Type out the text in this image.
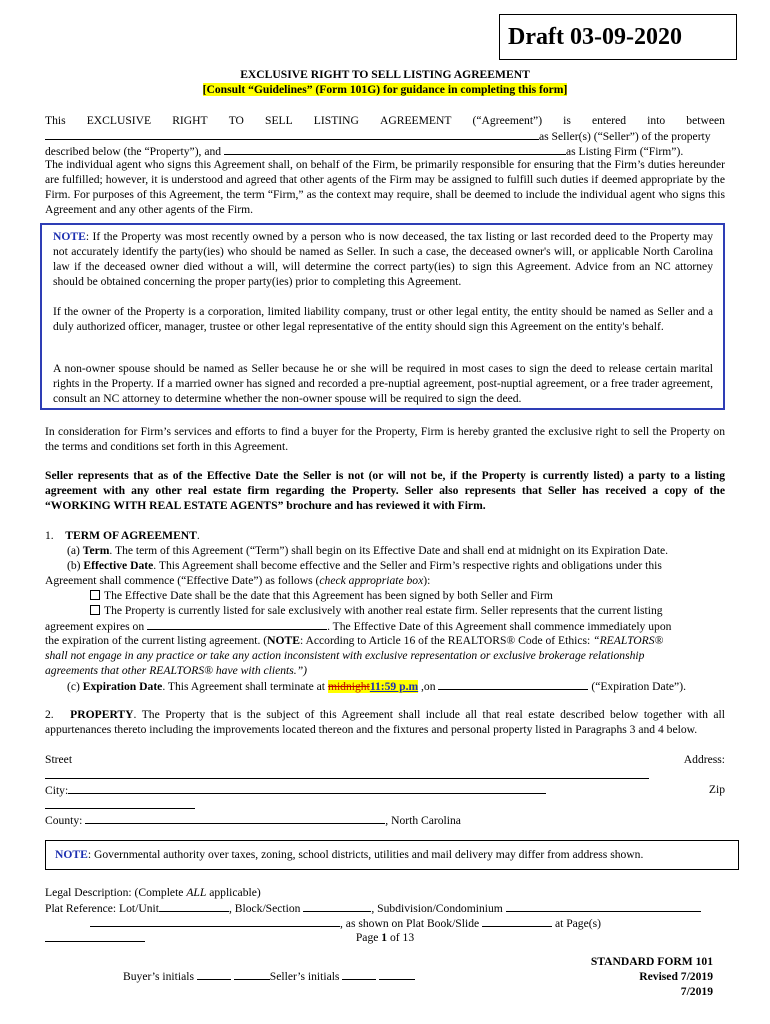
Draft 03-09-2020
EXCLUSIVE RIGHT TO SELL LISTING AGREEMENT
[Consult “Guidelines” (Form 101G) for guidance in completing this form]
This EXCLUSIVE RIGHT TO SELL LISTING AGREEMENT (“Agreement”) is entered into between
as Seller(s) (“Seller”) of the property
described below (the “Property”), and	as Listing Firm (“Firm”).
The individual agent who signs this Agreement shall, on behalf of the Firm, be primarily responsible for ensuring that the Firm’s duties hereunder are fulfilled; however, it is understood and agreed that other agents of the Firm may be assigned to fulfill such duties if deemed appropriate by the Firm. For purposes of this Agreement, the term “Firm,” as the context may require, shall be deemed to include the individual agent who signs this Agreement and any other agents of the Firm.
NOTE: If the Property was most recently owned by a person who is now deceased, the tax listing or last recorded deed to the Property may not accurately identify the party(ies) who should be named as Seller. In such a case, the deceased owner's will, or applicable North Carolina law if the deceased owner died without a will, will determine the correct party(ies) to sign this Agreement. Advice from an NC attorney should be obtained concerning the proper party(ies) prior to completing this Agreement.
If the owner of the Property is a corporation, limited liability company, trust or other legal entity, the entity should be named as Seller and a duly authorized officer, manager, trustee or other legal representative of the entity should sign this Agreement on the entity's behalf.
A non-owner spouse should be named as Seller because he or she will be required in most cases to sign the deed to release certain marital rights in the Property. If a married owner has signed and recorded a pre-nuptial agreement, post-nuptial agreement, or a free trader agreement, consult an NC attorney to determine whether the non-owner spouse will be required to sign the deed.
In consideration for Firm’s services and efforts to find a buyer for the Property, Firm is hereby granted the exclusive right to sell the Property on the terms and conditions set forth in this Agreement.
Seller represents that as of the Effective Date the Seller is not (or will not be, if the Property is currently listed) a party to a listing agreement with any other real estate firm regarding the Property. Seller also represents that Seller has received a copy of the “WORKING WITH REAL ESTATE AGENTS” brochure and has reviewed it with Firm.
1. TERM OF AGREEMENT.
(a) Term. The term of this Agreement (“Term”) shall begin on its Effective Date and shall end at midnight on its Expiration Date.
(b) Effective Date. This Agreement shall become effective and the Seller and Firm’s respective rights and obligations under this
Agreement shall commence (“Effective Date”) as follows (check appropriate box):
The Effective Date shall be the date that this Agreement has been signed by both Seller and Firm
The Property is currently listed for sale exclusively with another real estate firm. Seller represents that the current listing
agreement expires on	. The Effective Date of this Agreement shall commence immediately upon
the expiration of the current listing agreement. (NOTE: According to Article 16 of the REALTORS® Code of Ethics: “REALTORS®
shall not engage in any practice or take any action inconsistent with exclusive representation or exclusive brokerage relationship
agreements that other REALTORS® have with clients.”)
(c) Expiration Date. This Agreement shall terminate at midnight11:59 p.m ,on	(“Expiration Date”).
2. PROPERTY. The Property that is the subject of this Agreement shall include all that real estate described below together with all appurtenances thereto including the improvements located thereon and the fixtures and personal property listed in Paragraphs 3 and 4 below.
Street	Address:
City:	Zip
County:	, North Carolina
NOTE: Governmental authority over taxes, zoning, school districts, utilities and mail delivery may differ from address shown.
Legal Description: (Complete ALL applicable)
Plat Reference: Lot/Unit	, Block/Section	, Subdivision/Condominium
, as shown on Plat Book/Slide	at Page(s)
Page 1 of 13
Buyer’s initials	Seller’s initials
STANDARD FORM 101
Revised 7/2019
7/2019
